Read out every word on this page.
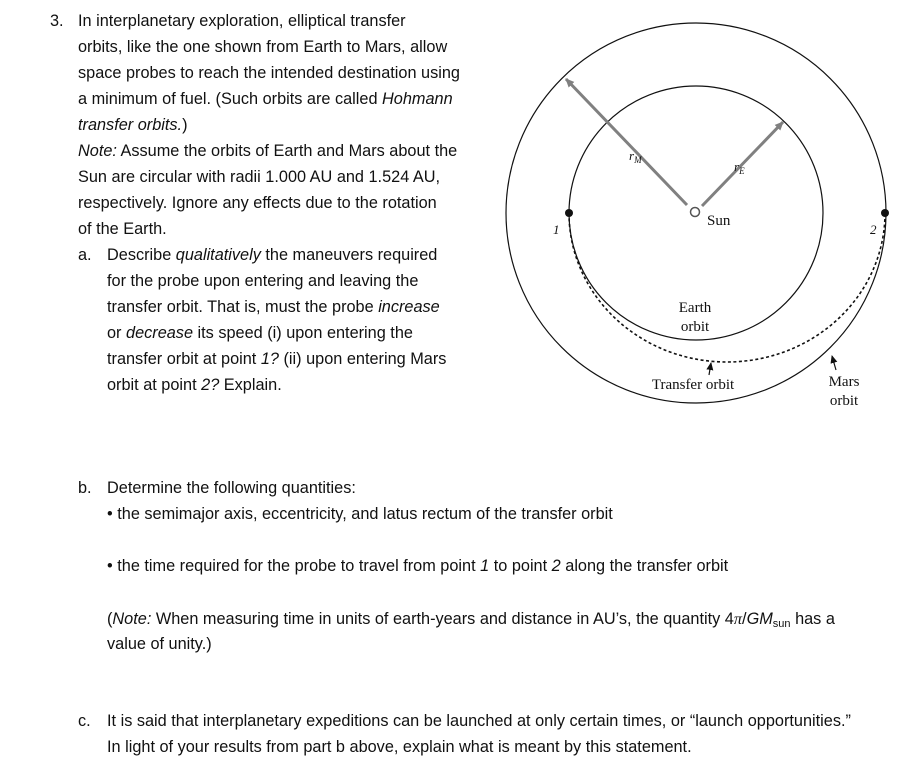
3. In interplanetary exploration, elliptical transfer
orbits, like the one shown from Earth to Mars, allow
space probes to reach the intended destination using
a minimum of fuel. (Such orbits are called Hohmann
transfer orbits.)
Note: Assume the orbits of Earth and Mars about the
Sun are circular with radii 1.000 AU and 1.524 AU,
respectively. Ignore any effects due to the rotation
of the Earth.
a. Describe qualitatively the maneuvers required
for the probe upon entering and leaving the
transfer orbit. That is, must the probe increase
or decrease its speed (i) upon entering the
transfer orbit at point 1? (ii) upon entering Mars
orbit at point 2? Explain.
b. Determine the following quantities:
• the semimajor axis, eccentricity, and latus rectum of the transfer orbit
• the time required for the probe to travel from point 1 to point 2 along the transfer orbit
(Note: When measuring time in units of earth-years and distance in AU’s, the quantity $4\pi/GM_{sun}$ has a
value of unity.)
c. It is said that interplanetary expeditions can be launched at only certain times, or “launch opportunities.”
In light of your results from part b above, explain what is meant by this statement.
Sun
$r_M$	$r_E$
1	2
Earth
orbit
Transfer orbit	Mars
orbit
